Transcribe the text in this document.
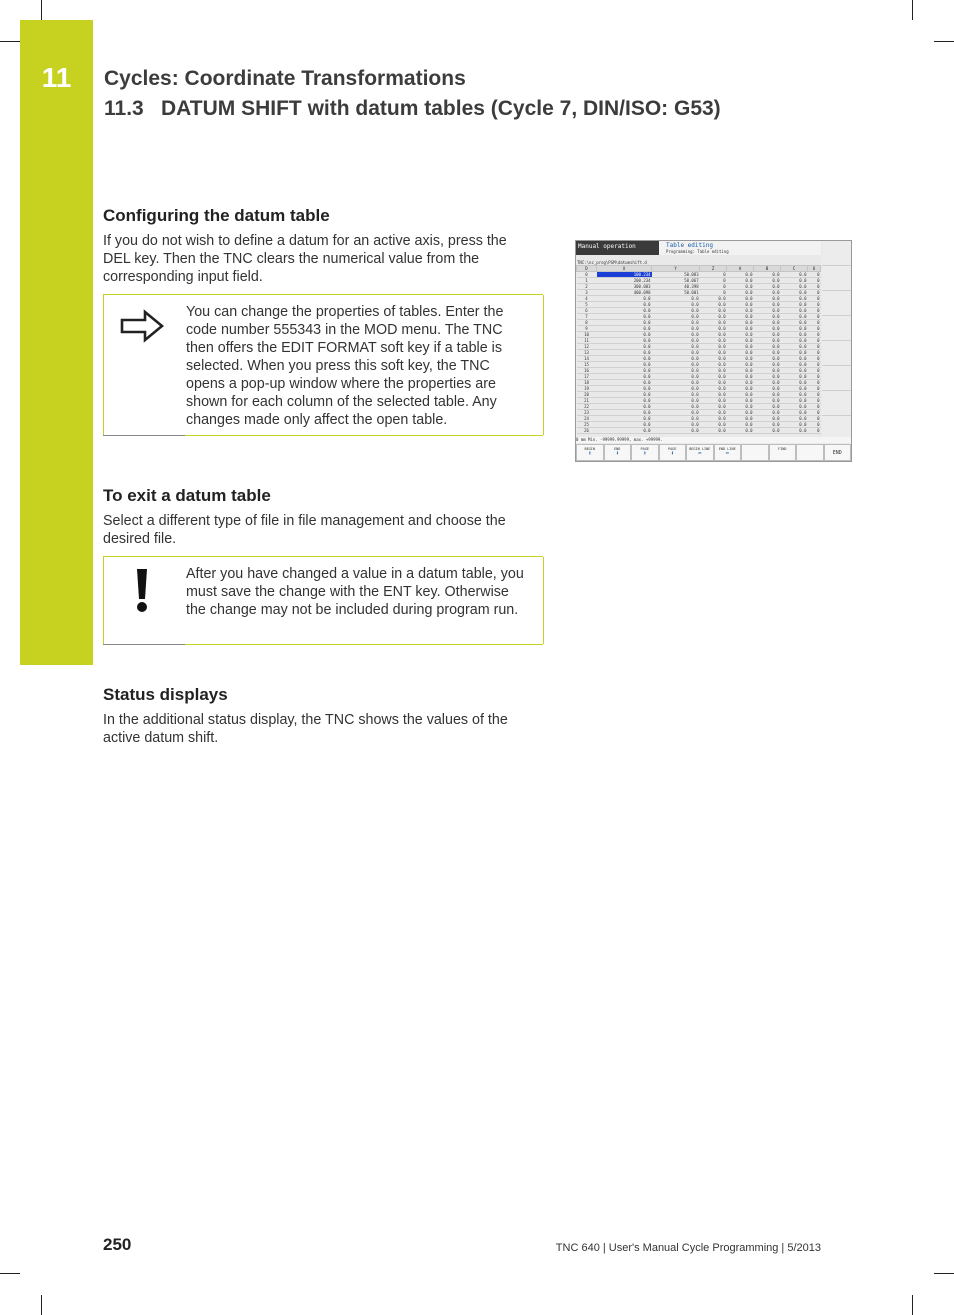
11	Cycles: Coordinate Transformations
11.3 DATUM SHIFT with datum tables (Cycle 7, DIN/ISO: G53)
Configuring the datum table

If you do not wish to define a datum for an active axis, press the DEL key. Then the TNC clears the numerical value from the corresponding input field.

You can change the properties of tables. Enter the code number 555343 in the MOD menu. The TNC then offers the EDIT FORMAT soft key if a table is selected. When you press this soft key, the TNC opens a pop-up window where the properties are shown for each column of the selected table. Any changes made only affect the open table.
Manual operation	Table editing
Programming: Table editing
TNC:\nc_prog\PGM\datumshift.d
D	X	Y	Z	A	B	C	U
0	100.234	50.083	0	0.0	0.0	0.0	0
1	200.234	50.067	0	0.0	0.0	0.0	0
2	300.083	40.398	0	0.0	0.0	0.0	0
3	400.098	50.001	0	0.0	0.0	0.0	0
4	0.0	0.0	0.0	0.0	0.0	0.0	0
5	0.0	0.0	0.0	0.0	0.0	0.0	0
6	0.0	0.0	0.0	0.0	0.0	0.0	0
7	0.0	0.0	0.0	0.0	0.0	0.0	0
8	0.0	0.0	0.0	0.0	0.0	0.0	0
9	0.0	0.0	0.0	0.0	0.0	0.0	0
10	0.0	0.0	0.0	0.0	0.0	0.0	0
11	0.0	0.0	0.0	0.0	0.0	0.0	0
12	0.0	0.0	0.0	0.0	0.0	0.0	0
13	0.0	0.0	0.0	0.0	0.0	0.0	0
14	0.0	0.0	0.0	0.0	0.0	0.0	0
15	0.0	0.0	0.0	0.0	0.0	0.0	0
16	0.0	0.0	0.0	0.0	0.0	0.0	0
17	0.0	0.0	0.0	0.0	0.0	0.0	0
18	0.0	0.0	0.0	0.0	0.0	0.0	0
19	0.0	0.0	0.0	0.0	0.0	0.0	0
20	0.0	0.0	0.0	0.0	0.0	0.0	0
21	0.0	0.0	0.0	0.0	0.0	0.0	0
22	0.0	0.0	0.0	0.0	0.0	0.0	0
23	0.0	0.0	0.0	0.0	0.0	0.0	0
24	0.0	0.0	0.0	0.0	0.0	0.0	0
25	0.0	0.0	0.0	0.0	0.0	0.0	0
26	0.0	0.0	0.0	0.0	0.0	0.0	0
0 mm Min. -99999.99999, max. +99999.
BEGIN
⬆
END
⬇
PAGE
⬆
PAGE
⬇
BEGIN LINE
⬅
END LINE
➡
FIND
END
To exit a datum table

Select a different type of file in file management and choose the desired file.

After you have changed a value in a datum table, you must save the change with the ENT key. Otherwise the change may not be included during program run.
Status displays

In the additional status display, the TNC shows the values of the active datum shift.

250	TNC 640 | User's Manual Cycle Programming | 5/2013
